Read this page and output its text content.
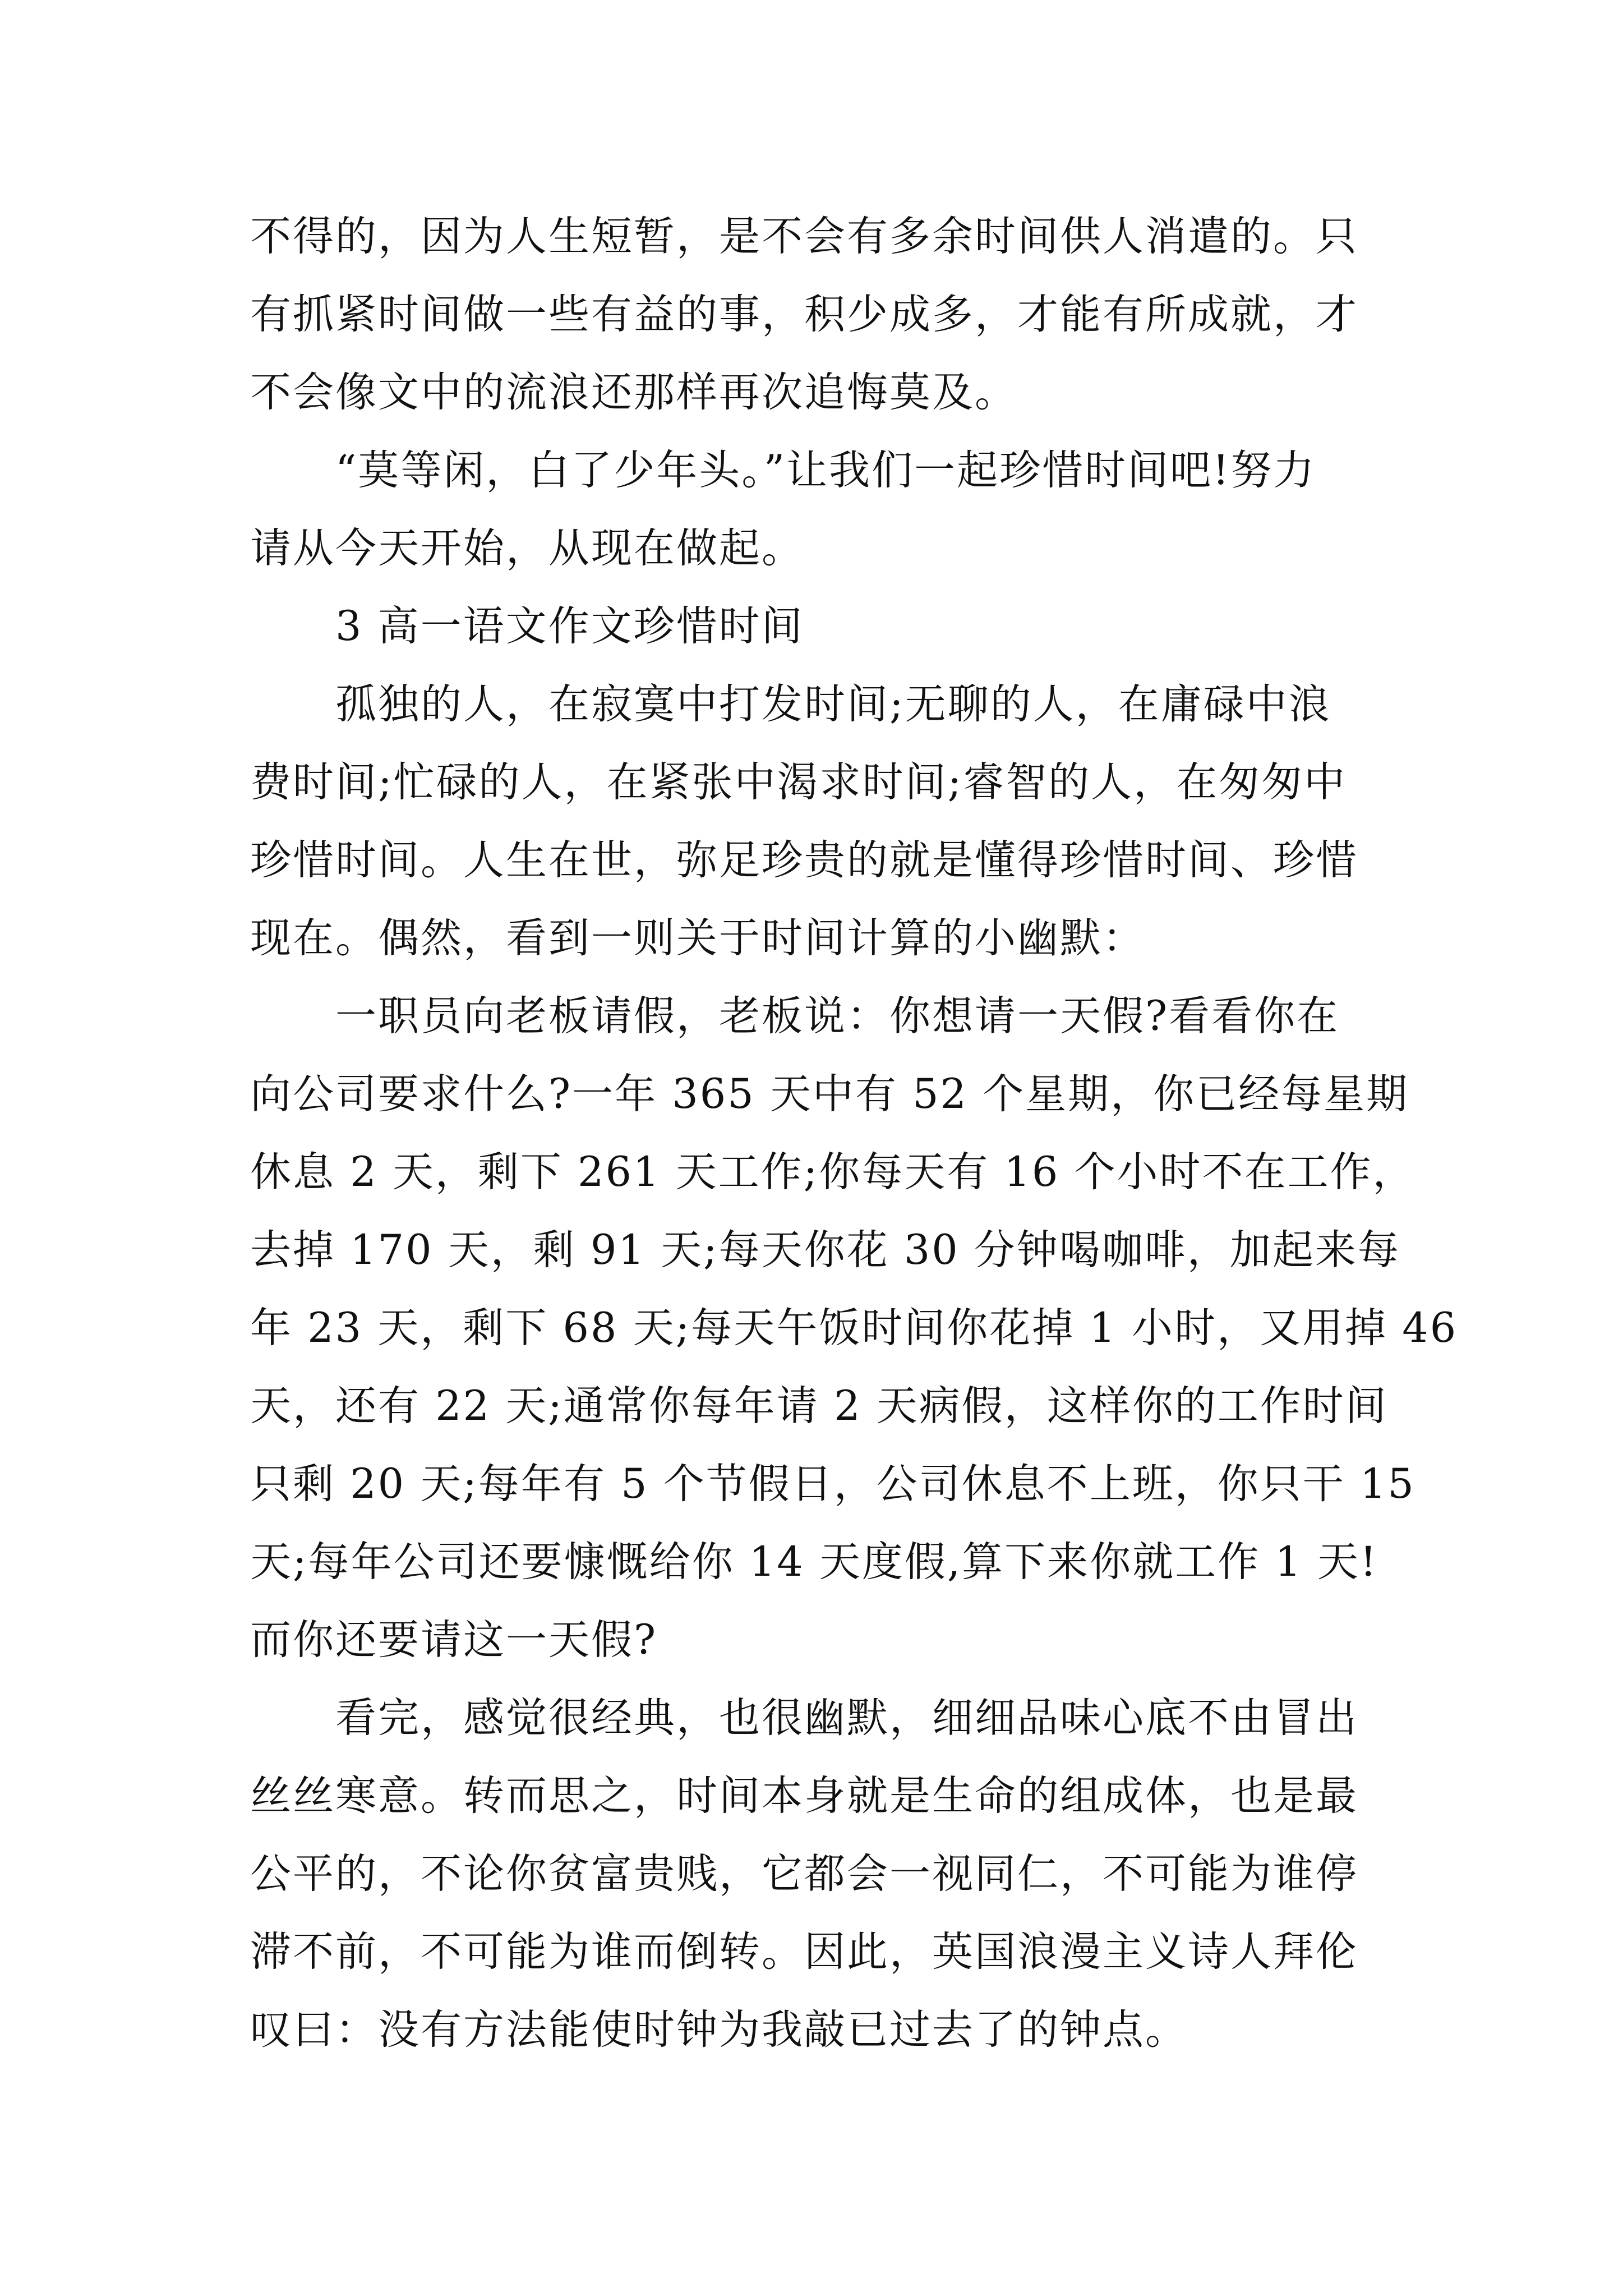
不得的，因为人生短暂，是不会有多余时间供人消遣的。只
有抓紧时间做一些有益的事，积少成多，才能有所成就，才
不会像文中的流浪还那样再次追悔莫及。
　　“莫等闲，白了少年头。”让我们一起珍惜时间吧!努力
请从今天开始，从现在做起。
　　3 高一语文作文珍惜时间
　　孤独的人，在寂寞中打发时间;无聊的人，在庸碌中浪
费时间;忙碌的人，在紧张中渴求时间;睿智的人，在匆匆中
珍惜时间。人生在世，弥足珍贵的就是懂得珍惜时间、珍惜
现在。偶然，看到一则关于时间计算的小幽默：
　　一职员向老板请假，老板说：你想请一天假?看看你在
向公司要求什么?一年 365 天中有 52 个星期，你已经每星期
休息 2 天，剩下 261 天工作;你每天有 16 个小时不在工作，
去掉 170 天，剩 91 天;每天你花 30 分钟喝咖啡，加起来每
年 23 天，剩下 68 天;每天午饭时间你花掉 1 小时，又用掉 46
天，还有 22 天;通常你每年请 2 天病假，这样你的工作时间
只剩 20 天;每年有 5 个节假日，公司休息不上班，你只干 15
天;每年公司还要慷慨给你 14 天度假,算下来你就工作 1 天!
而你还要请这一天假?
　　看完，感觉很经典，也很幽默，细细品味心底不由冒出
丝丝寒意。转而思之，时间本身就是生命的组成体，也是最
公平的，不论你贫富贵贱，它都会一视同仁，不可能为谁停
滞不前，不可能为谁而倒转。因此，英国浪漫主义诗人拜伦
叹曰：没有方法能使时钟为我敲已过去了的钟点。
